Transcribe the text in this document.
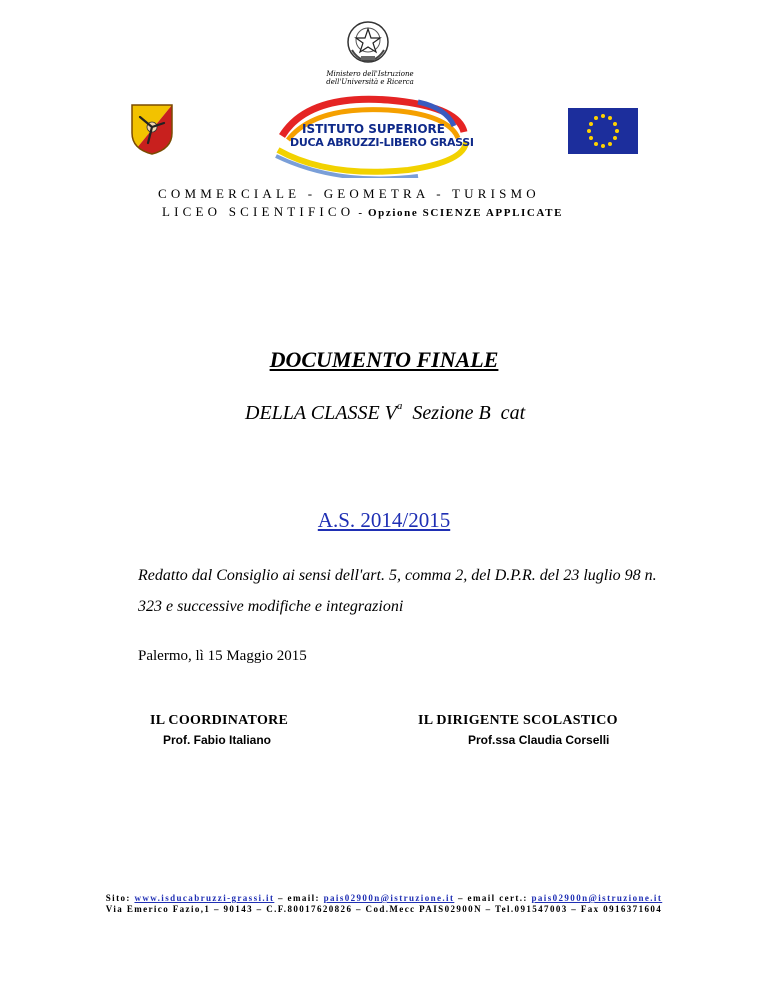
Ministero dell'Istruzione
dell'Università e Ricerca
ISTITUTO SUPERIORE
DUCA ABRUZZI-LIBERO GRASSI
COMMERCIALE - GEOMETRA - TURISMO
LICEO SCIENTIFICO - Opzione SCIENZE APPLICATE
DOCUMENTO FINALE
DELLA CLASSE $V^a$ Sezione B  cat
A.S. 2014/2015
Redatto dal Consiglio ai sensi dell'art. 5, comma 2, del D.P.R. del 23 luglio 98 n. 323 e successive modifiche e integrazioni
Palermo, lì 15 Maggio 2015
IL COORDINATORE
Prof. Fabio Italiano
IL DIRIGENTE SCOLASTICO
Prof.ssa Claudia Corselli
Sito: www.isducabruzzi-grassi.it – email: pais02900n@istruzione.it – email cert.: pais02900n@istruzione.it
Via Emerico Fazio,1 – 90143 – C.F.80017620826 – Cod.Mecc PAIS02900N – Tel.091547003 – Fax 0916371604
